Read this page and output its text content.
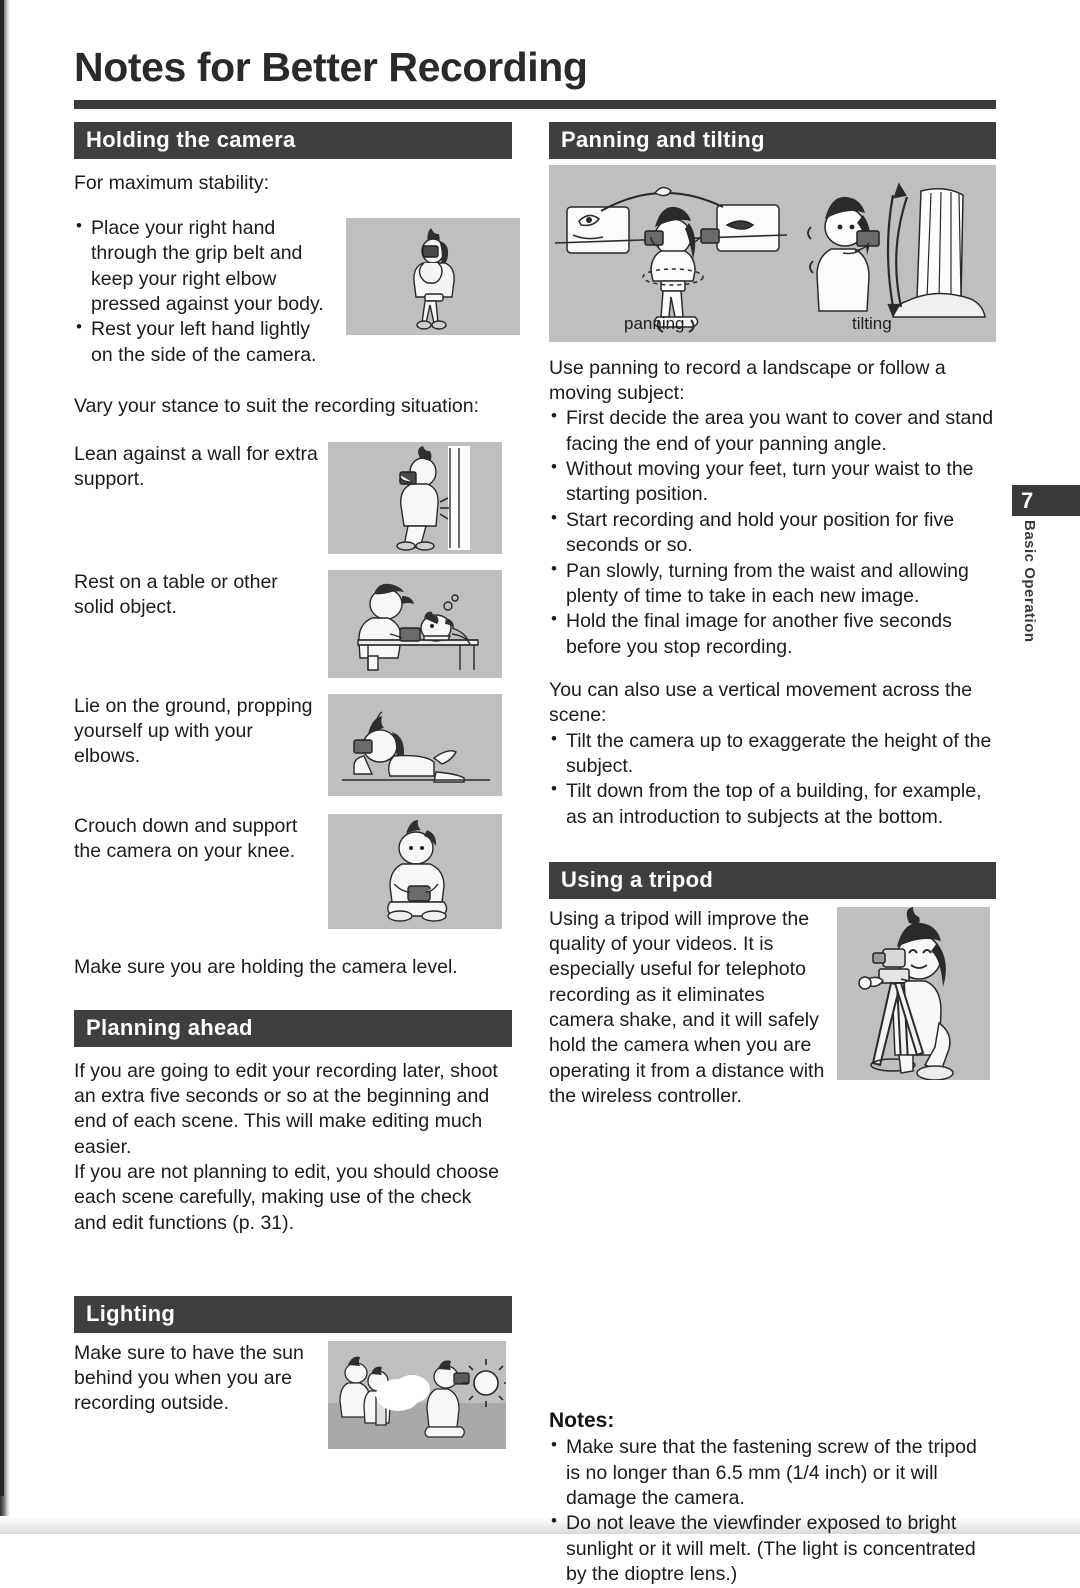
Notes for Better Recording
7
Basic Operation
Holding the camera
For maximum stability:
• Place your right hand through the grip belt and keep your right elbow pressed against your body.
• Rest your left hand lightly on the side of the camera.
Vary your stance to suit the recording situation:
Lean against a wall for extra support.
Rest on a table or other solid object.
Lie on the ground, propping yourself up with your elbows.
Crouch down and support the camera on your knee.
Make sure you are holding the camera level.
Planning ahead
If you are going to edit your recording later, shoot an extra five seconds or so at the beginning and end of each scene. This will make editing much easier.
If you are not planning to edit, you should choose each scene carefully, making use of the check and edit functions (p. 31).
Lighting
Make sure to have the sun behind you when you are recording outside.
Panning and tilting
panning	tilting
Use panning to record a landscape or follow a moving subject:
• First decide the area you want to cover and stand facing the end of your panning angle.
• Without moving your feet, turn your waist to the starting position.
• Start recording and hold your position for five seconds or so.
• Pan slowly, turning from the waist and allowing plenty of time to take in each new image.
• Hold the final image for another five seconds before you stop recording.
You can also use a vertical movement across the scene:
• Tilt the camera up to exaggerate the height of the subject.
• Tilt down from the top of a building, for example, as an introduction to subjects at the bottom.
Using a tripod
Using a tripod will improve the quality of your videos. It is especially useful for telephoto recording as it eliminates camera shake, and it will safely hold the camera when you are operating it from a distance with the wireless controller.
Notes:
• Make sure that the fastening screw of the tripod is no longer than 6.5 mm (1/4 inch) or it will damage the camera.
• Do not leave the viewfinder exposed to bright sunlight or it will melt. (The light is concentrated by the dioptre lens.)
